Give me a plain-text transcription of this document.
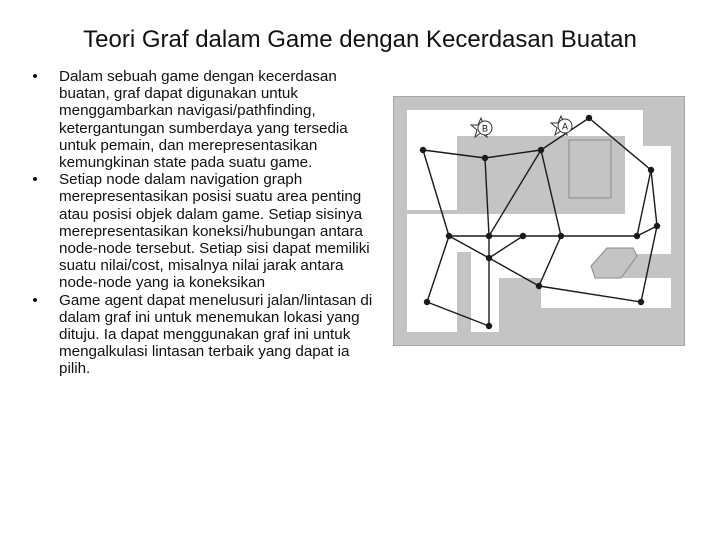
Teori Graf dalam Game dengan Kecerdasan Buatan
• Dalam sebuah game dengan kecerdasan buatan, graf dapat digunakan untuk menggambarkan navigasi/pathfinding, ketergantungan sumberdaya yang tersedia untuk pemain, dan merepresentasikan kemungkinan state pada suatu game.
• Setiap node dalam navigation graph merepresentasikan posisi suatu area penting atau posisi objek dalam game. Setiap sisinya merepresentasikan koneksi/hubungan antara node-node tersebut. Setiap sisi dapat memiliki suatu nilai/cost, misalnya nilai jarak antara node-node yang ia koneksikan
• Game agent dapat menelusuri jalan/lintasan di dalam graf ini untuk menemukan lokasi yang dituju. Ia dapat menggunakan graf ini untuk mengalkulasi lintasan terbaik yang dapat ia pilih.
B	A
